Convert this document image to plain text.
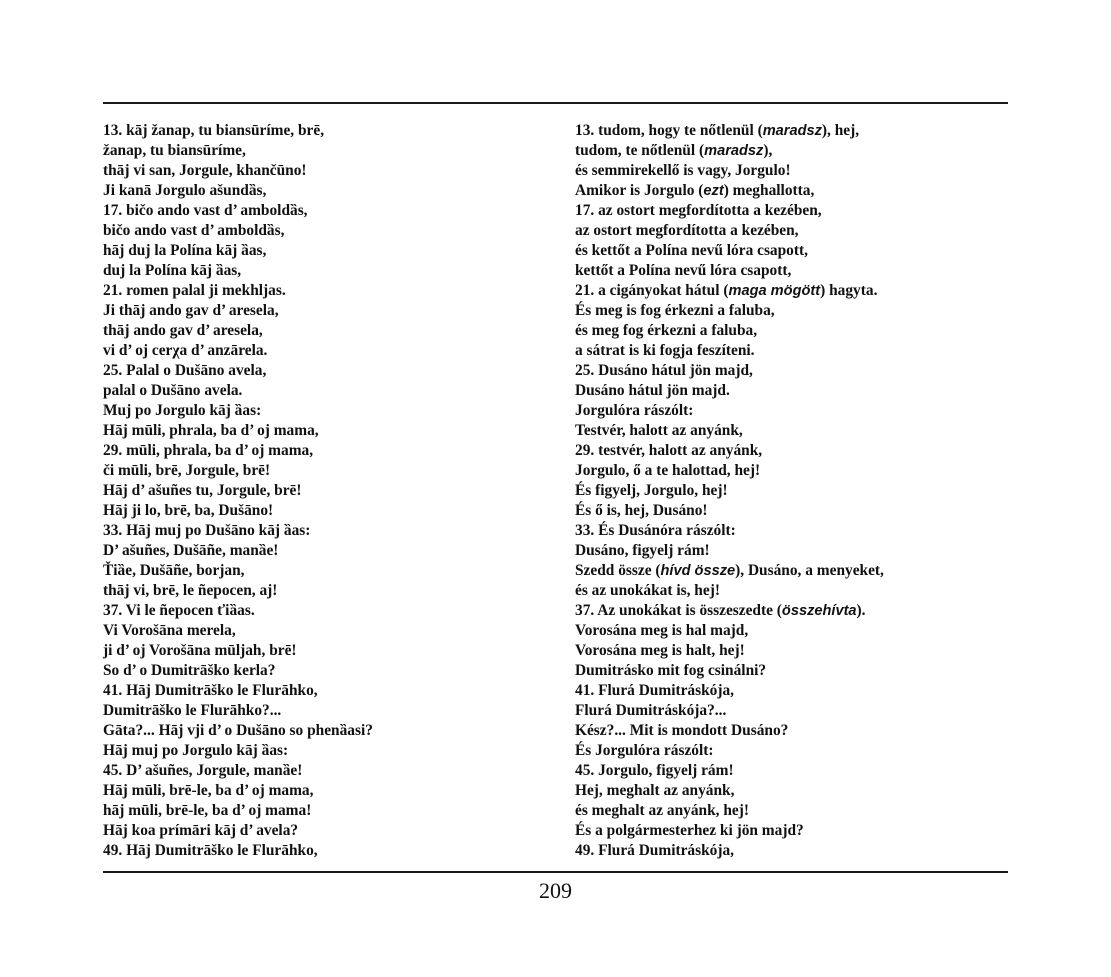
13. kāj žanap, tu biansūríme, brē,
žanap, tu biansūríme,
thāj vi san, Jorgule, khančūno!
Ji kanā Jorgulo ašundȁs,
17. bičo ando vast d’ amboldȁs,
bičo ando vast d’ amboldȁs,
hāj duj la Polína kāj ȁas,
duj la Polína kāj ȁas,
21. romen palal ji mekhljas.
Ji thāj ando gav d’ aresela,
thāj ando gav d’ aresela,
vi d’ oj cerχa d’ anzārela.
25. Palal o Dušāno avela,
palal o Dušāno avela.
Muj po Jorgulo kāj ȁas:
Hāj mūli, phrala, ba d’ oj mama,
29. mūli, phrala, ba d’ oj mama,
či mūli, brē, Jorgule, brē!
Hāj d’ ašuñes tu, Jorgule, brē!
Hāj ji lo, brē, ba, Dušāno!
33. Hāj muj po Dušāno kāj ȁas:
D’ ašuñes, Dušāñe, manȁe!
Ťiȁe, Dušāñe, borjan,
thāj vi, brē, le ñepocen, aj!
37. Vi le ñepocen ťiȁas.
Vi Vorošāna merela,
ji d’ oj Vorošāna mūljah, brē!
So d’ o Dumitrāško kerla?
41. Hāj Dumitrāško le Flurāhko,
Dumitrāško le Flurāhko?...
Gāta?... Hāj vji d’ o Dušāno so phenȁasi?
Hāj muj po Jorgulo kāj ȁas:
45. D’ ašuñes, Jorgule, manȁe!
Hāj mūli, brē-le, ba d’ oj mama,
hāj mūli, brē-le, ba d’ oj mama!
Hāj koa prímāri kāj d’ avela?
49. Hāj Dumitrāško le Flurāhko,
13. tudom, hogy te nőtlenül (maradsz), hej,
tudom, te nőtlenül (maradsz),
és semmirekellő is vagy, Jorgulo!
Amikor is Jorgulo (ezt) meghallotta,
17. az ostort megfordította a kezében,
az ostort megfordította a kezében,
és kettőt a Polína nevű lóra csapott,
kettőt a Polína nevű lóra csapott,
21. a cigányokat hátul (maga mögött) hagyta.
És meg is fog érkezni a faluba,
és meg fog érkezni a faluba,
a sátrat is ki fogja feszíteni.
25. Dusáno hátul jön majd,
Dusáno hátul jön majd.
Jorgulóra rászólt:
Testvér, halott az anyánk,
29. testvér, halott az anyánk,
Jorgulo, ő a te halottad, hej!
És figyelj, Jorgulo, hej!
És ő is, hej, Dusáno!
33. És Dusánóra rászólt:
Dusáno, figyelj rám!
Szedd össze (hívd össze), Dusáno, a menyeket,
és az unokákat is, hej!
37. Az unokákat is összeszedte (összehívta).
Vorosána meg is hal majd,
Vorosána meg is halt, hej!
Dumitrásko mit fog csinálni?
41. Flurá Dumitráskója,
Flurá Dumitráskója?...
Kész?... Mit is mondott Dusáno?
És Jorgulóra rászólt:
45. Jorgulo, figyelj rám!
Hej, meghalt az anyánk,
és meghalt az anyánk, hej!
És a polgármesterhez ki jön majd?
49. Flurá Dumitráskója,
209
